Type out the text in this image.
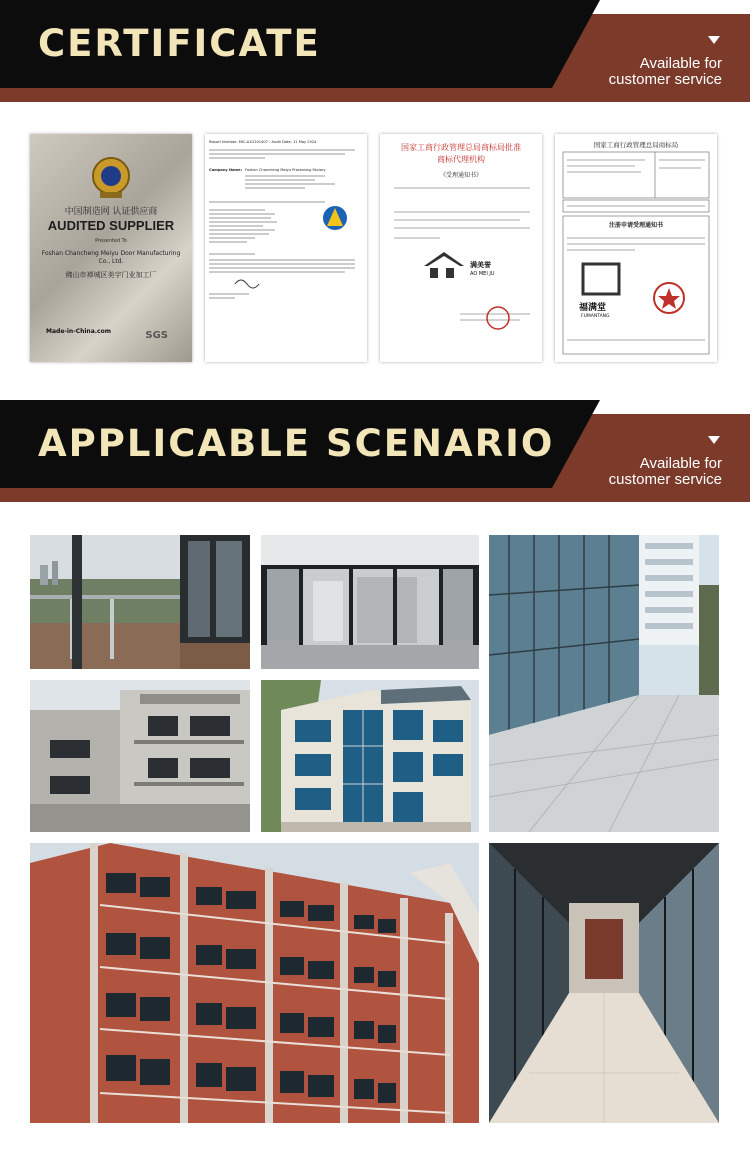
CERTIFICATE	Available for
customer service
中国制造网 认证供应商
AUDITED SUPPLIER
Presented To
Foshan Chancheng Meiyu Door Manufacturing Co., Ltd.
佛山市禅城区美宇门业加工厂
Made-in-China.com	SGS
Report Number: MIC-A1G201407 - Audit Date: 11 May 2024
Company Name: Foshan Chancheng Meiyu Processing Factory
国家工商行政管理总局商标局批准
商标代理机构
《受理通知书》
满美誉
AO MEI JU
国家工商行政管理总局商标局
注册申请受理通知书
福满堂
FUMANTANG
APPLICABLE SCENARIO	Available for
customer service
